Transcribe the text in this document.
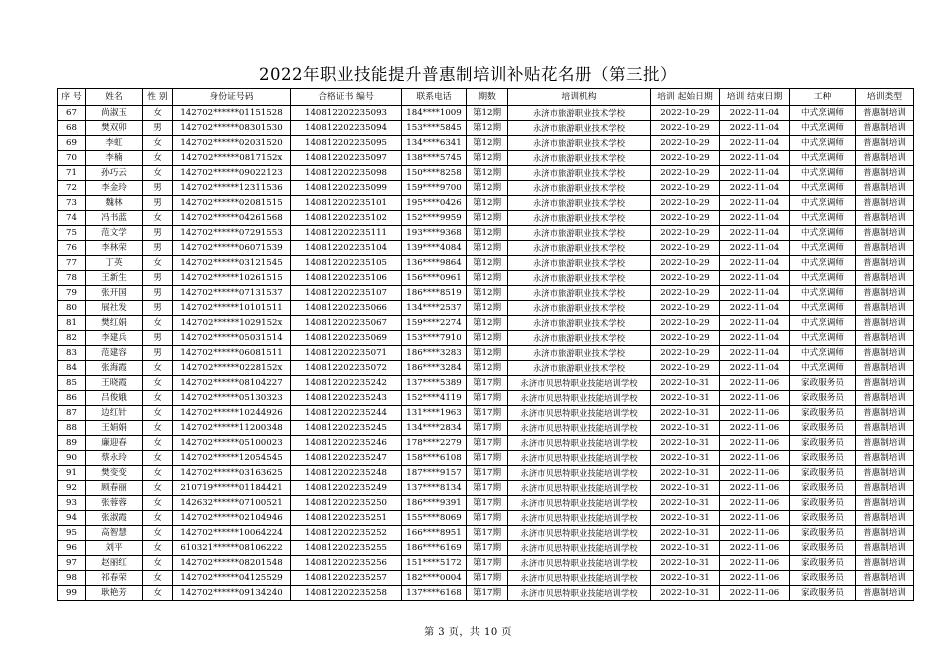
2022年职业技能提升普惠制培训补贴花名册（第三批）
序 号	姓名	性 别	身份证号码	合格证书 编号	联系电话	期数	培训机构	培训 起始日期	培训 结束日期	工种	培训类型
67	尚淑玉	女	142702******01151528	140812202235093	184****1009	第12期	永济市旅游职业技术学校	2022-10-29	2022-11-04	中式烹调师	普惠制培训
68	樊双卯	男	142702******08301530	140812202235094	153****5845	第12期	永济市旅游职业技术学校	2022-10-29	2022-11-04	中式烹调师	普惠制培训
69	李虹	女	142702******02031520	140812202235095	134****6341	第12期	永济市旅游职业技术学校	2022-10-29	2022-11-04	中式烹调师	普惠制培训
70	李楠	女	142702******0817152x	140812202235097	138****5745	第12期	永济市旅游职业技术学校	2022-10-29	2022-11-04	中式烹调师	普惠制培训
71	孙巧云	女	142702******09022123	140812202235098	150****8258	第12期	永济市旅游职业技术学校	2022-10-29	2022-11-04	中式烹调师	普惠制培训
72	李金玲	男	142702******12311536	140812202235099	159****9700	第12期	永济市旅游职业技术学校	2022-10-29	2022-11-04	中式烹调师	普惠制培训
73	魏林	男	142702******02081515	140812202235101	195****0426	第12期	永济市旅游职业技术学校	2022-10-29	2022-11-04	中式烹调师	普惠制培训
74	冯书蓝	女	142702******04261568	140812202235102	152****9959	第12期	永济市旅游职业技术学校	2022-10-29	2022-11-04	中式烹调师	普惠制培训
75	范文学	男	142702******07291553	140812202235111	193****9368	第12期	永济市旅游职业技术学校	2022-10-29	2022-11-04	中式烹调师	普惠制培训
76	李林荣	男	142702******06071539	140812202235104	139****4084	第12期	永济市旅游职业技术学校	2022-10-29	2022-11-04	中式烹调师	普惠制培训
77	丁英	女	142702******03121545	140812202235105	136****9864	第12期	永济市旅游职业技术学校	2022-10-29	2022-11-04	中式烹调师	普惠制培训
78	王新生	男	142702******10261515	140812202235106	156****0961	第12期	永济市旅游职业技术学校	2022-10-29	2022-11-04	中式烹调师	普惠制培训
79	张开国	男	142702******07131537	140812202235107	186****8519	第12期	永济市旅游职业技术学校	2022-10-29	2022-11-04	中式烹调师	普惠制培训
80	展社发	男	142702******10101511	140812202235066	134****2537	第12期	永济市旅游职业技术学校	2022-10-29	2022-11-04	中式烹调师	普惠制培训
81	樊红娟	女	142702******1029152x	140812202235067	159****2274	第12期	永济市旅游职业技术学校	2022-10-29	2022-11-04	中式烹调师	普惠制培训
82	李建兵	男	142702******05031514	140812202235069	153****7910	第12期	永济市旅游职业技术学校	2022-10-29	2022-11-04	中式烹调师	普惠制培训
83	范建容	男	142702******06081511	140812202235071	186****3283	第12期	永济市旅游职业技术学校	2022-10-29	2022-11-04	中式烹调师	普惠制培训
84	张海霞	女	142702******0228152x	140812202235072	186****3284	第12期	永济市旅游职业技术学校	2022-10-29	2022-11-04	中式烹调师	普惠制培训
85	王晓霞	女	142702******08104227	140812202235242	137****5389	第17期	永济市贝思特职业技能培训学校	2022-10-31	2022-11-06	家政服务员	普惠制培训
86	吕俊娥	女	142702******05130323	140812202235243	152****4119	第17期	永济市贝思特职业技能培训学校	2022-10-31	2022-11-06	家政服务员	普惠制培训
87	边红针	女	142702******10244926	140812202235244	131****1963	第17期	永济市贝思特职业技能培训学校	2022-10-31	2022-11-06	家政服务员	普惠制培训
88	王娟娟	女	142702******11200348	140812202235245	134****2834	第17期	永济市贝思特职业技能培训学校	2022-10-31	2022-11-06	家政服务员	普惠制培训
89	廉迎春	女	142702******05100023	140812202235246	178****2279	第17期	永济市贝思特职业技能培训学校	2022-10-31	2022-11-06	家政服务员	普惠制培训
90	蔡永玲	女	142702******12054545	140812202235247	158****6108	第17期	永济市贝思特职业技能培训学校	2022-10-31	2022-11-06	家政服务员	普惠制培训
91	樊变变	女	142702******03163625	140812202235248	187****9157	第17期	永济市贝思特职业技能培训学校	2022-10-31	2022-11-06	家政服务员	普惠制培训
92	顾春丽	女	210719******01184421	140812202235249	137****8134	第17期	永济市贝思特职业技能培训学校	2022-10-31	2022-11-06	家政服务员	普惠制培训
93	张蓉蓉	女	142632******07100521	140812202235250	186****9391	第17期	永济市贝思特职业技能培训学校	2022-10-31	2022-11-06	家政服务员	普惠制培训
94	张淑霞	女	142702******02104946	140812202235251	155****8069	第17期	永济市贝思特职业技能培训学校	2022-10-31	2022-11-06	家政服务员	普惠制培训
95	高智慧	女	142702******10064224	140812202235252	166****8951	第17期	永济市贝思特职业技能培训学校	2022-10-31	2022-11-06	家政服务员	普惠制培训
96	刘平	女	610321******08106222	140812202235255	186****6169	第17期	永济市贝思特职业技能培训学校	2022-10-31	2022-11-06	家政服务员	普惠制培训
97	赵丽红	女	142702******08201548	140812202235256	151****5172	第17期	永济市贝思特职业技能培训学校	2022-10-31	2022-11-06	家政服务员	普惠制培训
98	祁春荣	女	142702******04125529	140812202235257	182****0004	第17期	永济市贝思特职业技能培训学校	2022-10-31	2022-11-06	家政服务员	普惠制培训
99	耿艳芳	女	142702******09134240	140812202235258	137****6168	第17期	永济市贝思特职业技能培训学校	2022-10-31	2022-11-06	家政服务员	普惠制培训
第 3 页，共 10 页
